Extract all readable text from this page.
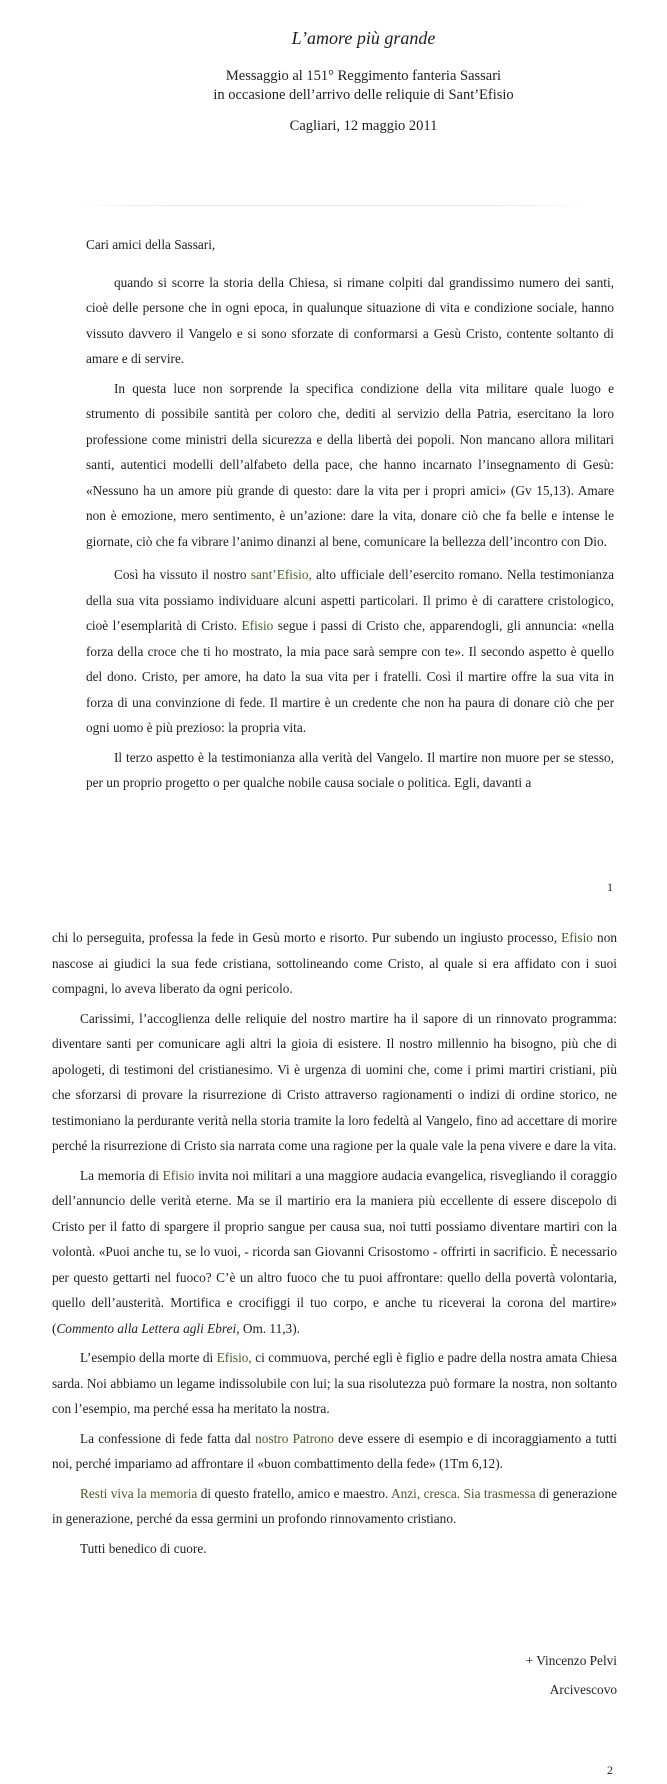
L’amore più grande
Messaggio al 151° Reggimento fanteria Sassari
in occasione dell’arrivo delle reliquie di Sant’Efisio
Cagliari, 12 maggio 2011

Cari amici della Sassari,

quando si scorre la storia della Chiesa, si rimane colpiti dal grandissimo numero dei santi, cioè delle persone che in ogni epoca, in qualunque situazione di vita e condizione sociale, hanno vissuto davvero il Vangelo e si sono sforzate di conformarsi a Gesù Cristo, contente soltanto di amare e di servire.

In questa luce non sorprende la specifica condizione della vita militare quale luogo e strumento di possibile santità per coloro che, dediti al servizio della Patria, esercitano la loro professione come ministri della sicurezza e della libertà dei popoli. Non mancano allora militari santi, autentici modelli dell’alfabeto della pace, che hanno incarnato l’insegnamento di Gesù: «Nessuno ha un amore più grande di questo: dare la vita per i propri amici» (Gv 15,13). Amare non è emozione, mero sentimento, è un’azione: dare la vita, donare ciò che fa belle e intense le giornate, ciò che fa vibrare l’animo dinanzi al bene, comunicare la bellezza dell’incontro con Dio.

Così ha vissuto il nostro sant’Efisio, alto ufficiale dell’esercito romano. Nella testimonianza della sua vita possiamo individuare alcuni aspetti particolari. Il primo è di carattere cristologico, cioè l’esemplarità di Cristo. Efisio segue i passi di Cristo che, apparendogli, gli annuncia: «nella forza della croce che ti ho mostrato, la mia pace sarà sempre con te». Il secondo aspetto è quello del dono. Cristo, per amore, ha dato la sua vita per i fratelli. Così il martire offre la sua vita in forza di una convinzione di fede. Il martire è un credente che non ha paura di donare ciò che per ogni uomo è più prezioso: la propria vita.

Il terzo aspetto è la testimonianza alla verità del Vangelo. Il martire non muore per se stesso, per un proprio progetto o per qualche nobile causa sociale o politica. Egli, davanti a

1

chi lo perseguita, professa la fede in Gesù morto e risorto. Pur subendo un ingiusto processo, Efisio non nascose ai giudici la sua fede cristiana, sottolineando come Cristo, al quale si era affidato con i suoi compagni, lo aveva liberato da ogni pericolo.

Carissimi, l’accoglienza delle reliquie del nostro martire ha il sapore di un rinnovato programma: diventare santi per comunicare agli altri la gioia di esistere. Il nostro millennio ha bisogno, più che di apologeti, di testimoni del cristianesimo. Vi è urgenza di uomini che, come i primi martiri cristiani, più che sforzarsi di provare la risurrezione di Cristo attraverso ragionamenti o indizi di ordine storico, ne testimoniano la perdurante verità nella storia tramite la loro fedeltà al Vangelo, fino ad accettare di morire perché la risurrezione di Cristo sia narrata come una ragione per la quale vale la pena vivere e dare la vita.

La memoria di Efisio invita noi militari a una maggiore audacia evangelica, risvegliando il coraggio dell’annuncio delle verità eterne. Ma se il martirio era la maniera più eccellente di essere discepolo di Cristo per il fatto di spargere il proprio sangue per causa sua, noi tutti possiamo diventare martiri con la volontà. «Puoi anche tu, se lo vuoi, - ricorda san Giovanni Crisostomo - offrirti in sacrificio. È necessario per questo gettarti nel fuoco? C’è un altro fuoco che tu puoi affrontare: quello della povertà volontaria, quello dell’austerità. Mortifica e crocifiggi il tuo corpo, e anche tu riceverai la corona del martire» (Commento alla Lettera agli Ebrei, Om. 11,3).

L’esempio della morte di Efisio, ci commuova, perché egli è figlio e padre della nostra amata Chiesa sarda. Noi abbiamo un legame indissolubile con lui; la sua risolutezza può formare la nostra, non soltanto con l’esempio, ma perché essa ha meritato la nostra.

La confessione di fede fatta dal nostro Patrono deve essere di esempio e di incoraggiamento a tutti noi, perché impariamo ad affrontare il «buon combattimento della fede» (1Tm 6,12).

Resti viva la memoria di questo fratello, amico e maestro. Anzi, cresca. Sia trasmessa di generazione in generazione, perché da essa germini un profondo rinnovamento cristiano.

Tutti benedico di cuore.

+ Vincenzo Pelvi
Arcivescovo
2
